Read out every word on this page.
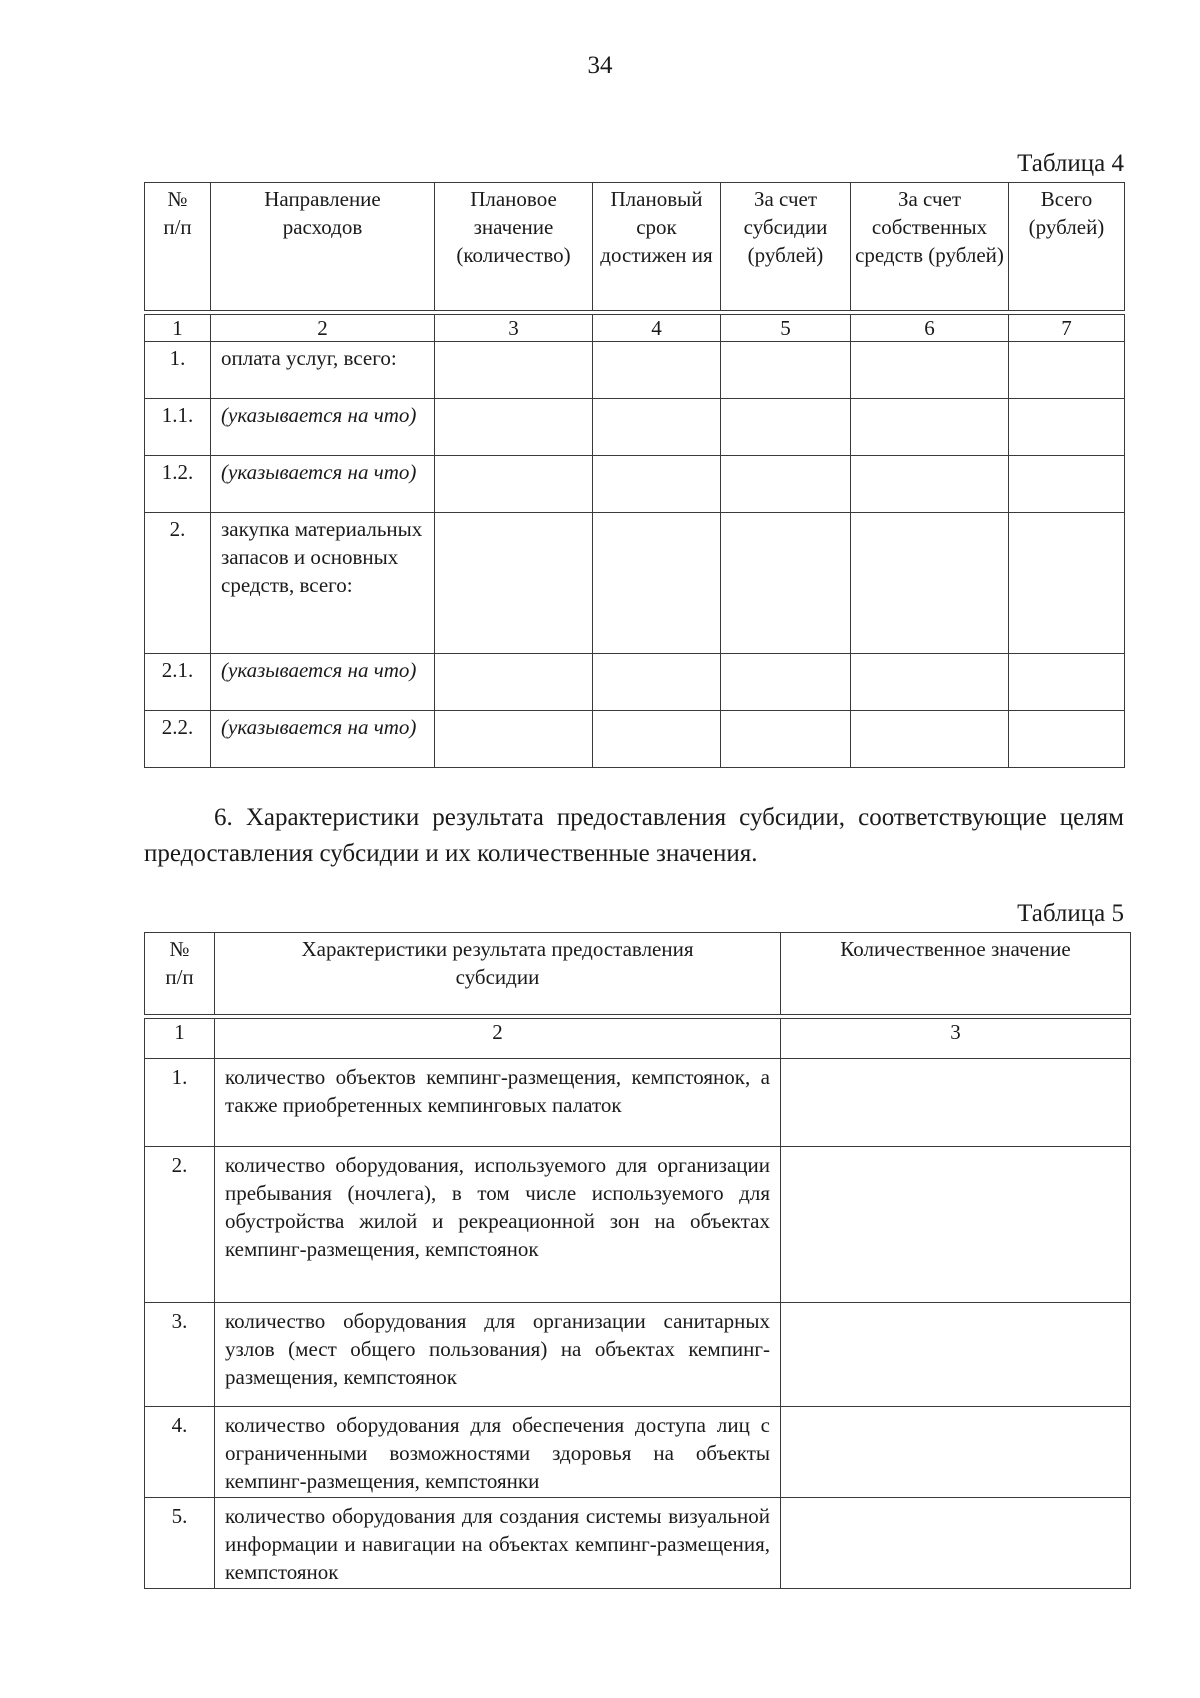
34
Таблица 4
№ п/п	Направление расходов	Плановое значение (количество)	Плановый срок достижен ия	За счет субсидии (рублей)	За счет собственных средств (рублей)	Всего (рублей)

1	2	3	4	5	6	7
1.	оплата услуг, всего:					
1.1.	(указывается на что)					
1.2.	(указывается на что)					
2.	закупка материальных запасов и основных средств, всего:					
2.1.	(указывается на что)					
2.2.	(указывается на что)					
6. Характеристики результата предоставления субсидии, соответствующие целям предоставления субсидии и их количественные значения.
Таблица 5
№ п/п	Характеристики результата предоставления субсидии	Количественное значение

1	2	3
1.	количество объектов кемпинг-размещения, кемпстоянок, а также приобретенных кемпинговых палаток	
2.	количество оборудования, используемого для организации пребывания (ночлега), в том числе используемого для обустройства жилой и рекреационной зон на объектах кемпинг-размещения, кемпстоянок	
3.	количество оборудования для организации санитарных узлов (мест общего пользования) на объектах кемпинг-размещения, кемпстоянок	
4.	количество оборудования для обеспечения доступа лиц с ограниченными возможностями здоровья на объекты кемпинг-размещения, кемпстоянки	
5.	количество оборудования для создания системы визуальной информации и навигации на объектах кемпинг-размещения, кемпстоянок	
